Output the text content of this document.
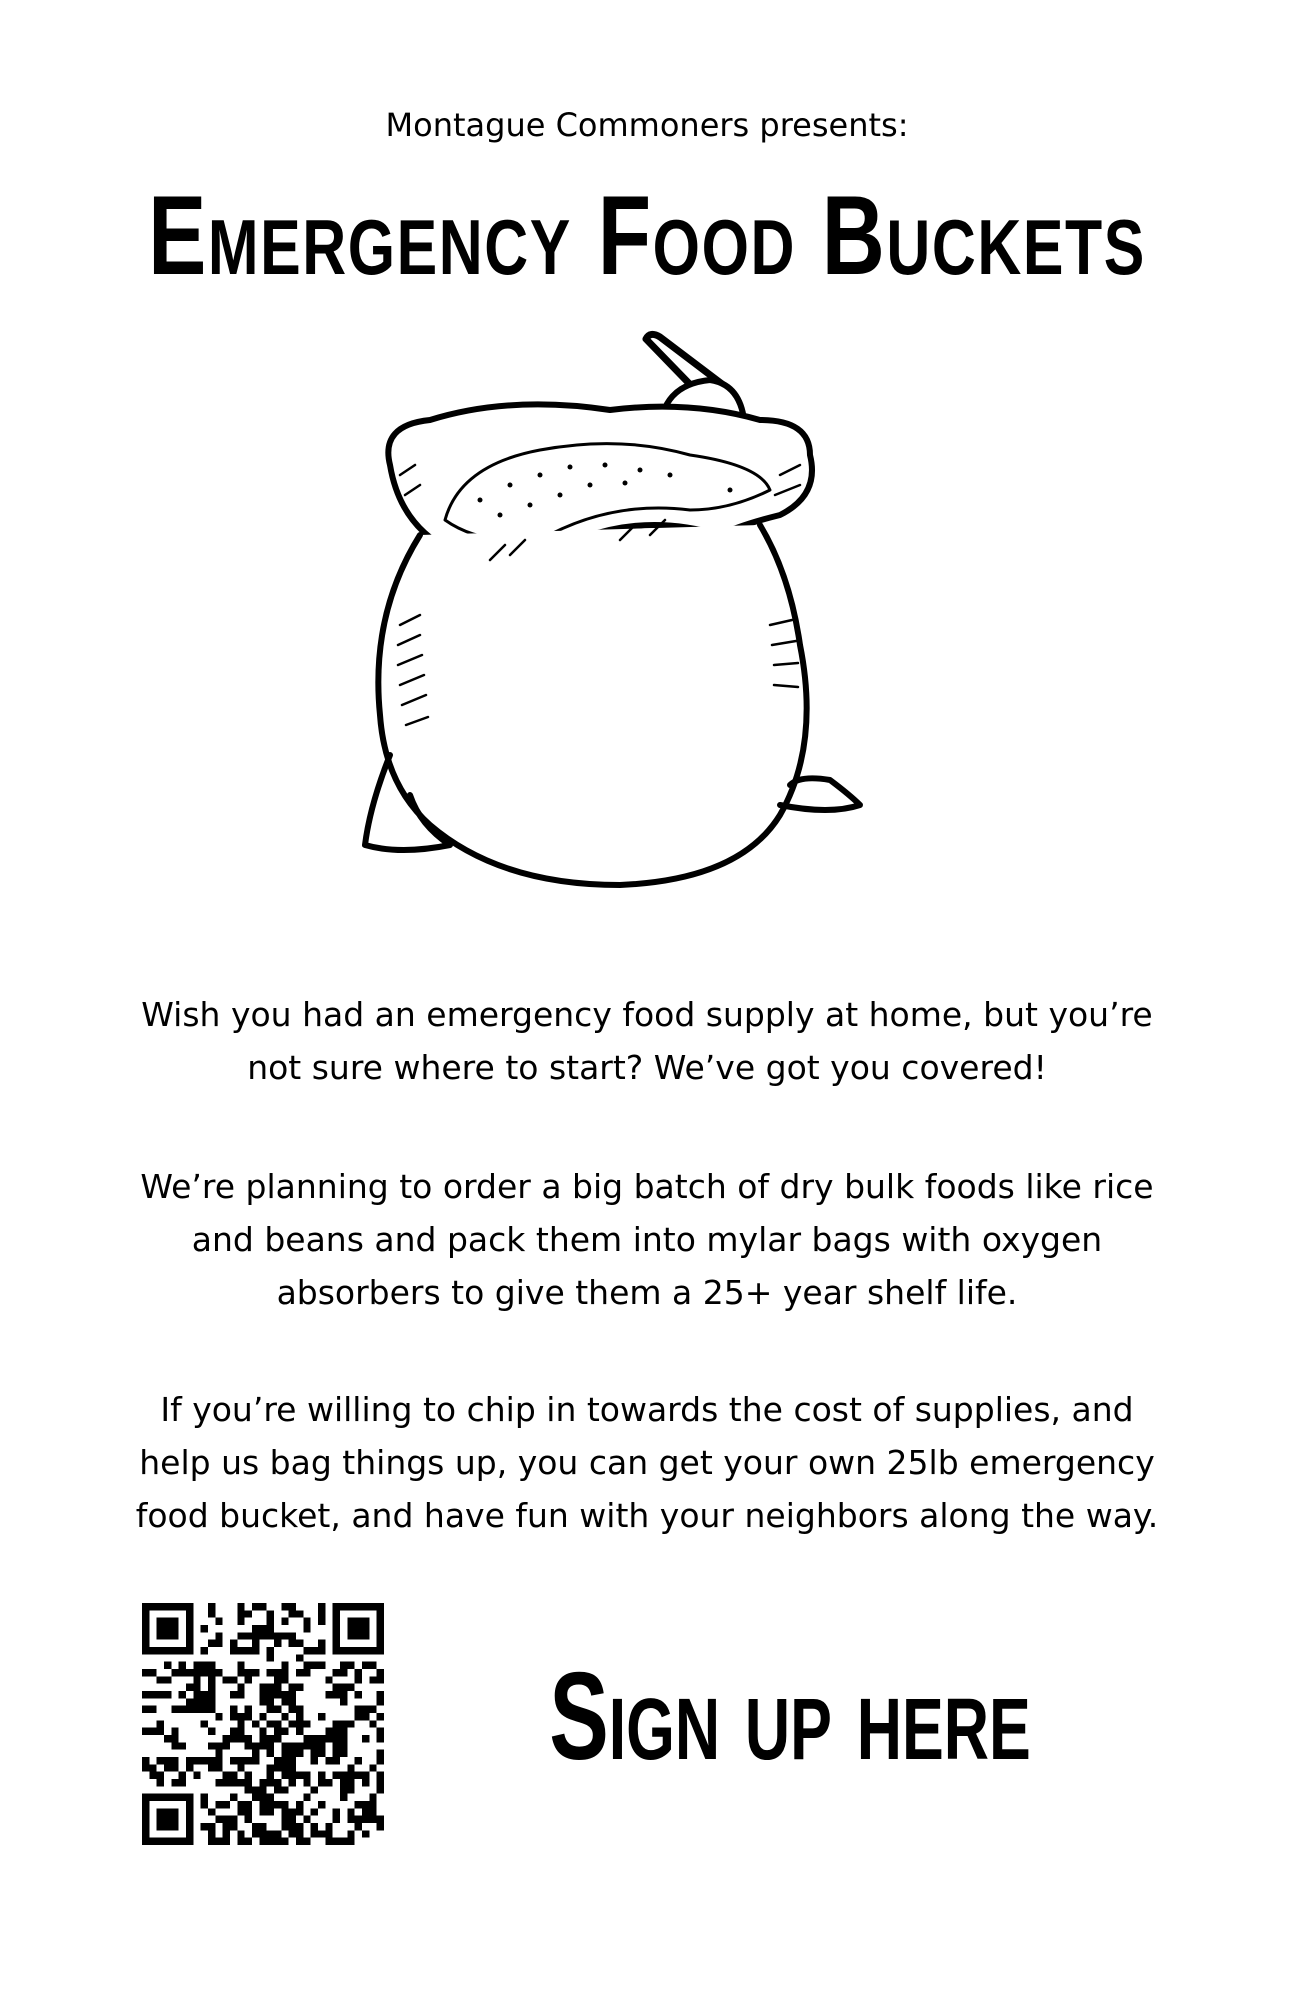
Montague Commoners presents:
Emergency Food Buckets
Wish you had an emergency food supply at home, but you’re
not sure where to start? We’ve got you covered!
We’re planning to order a big batch of dry bulk foods like rice
and beans and pack them into mylar bags with oxygen
absorbers to give them a 25+ year shelf life.
If you’re willing to chip in towards the cost of supplies, and
help us bag things up, you can get your own 25lb emergency
food bucket, and have fun with your neighbors along the way.
Sign up here
